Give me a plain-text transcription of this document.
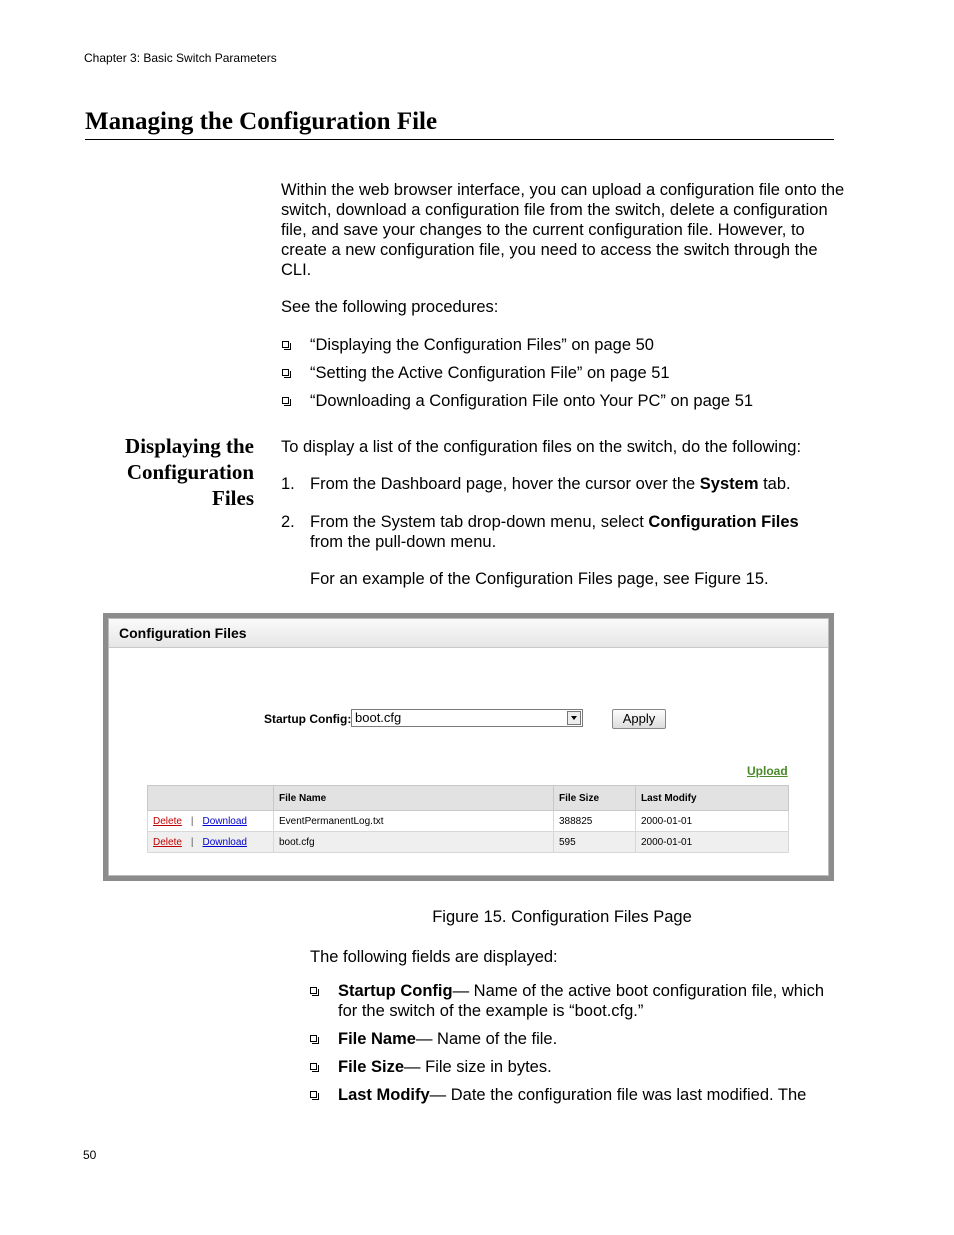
Chapter 3: Basic Switch Parameters
Managing the Configuration File
Within the web browser interface, you can upload a configuration file onto the switch, download a configuration file from the switch, delete a configuration file, and save your changes to the current configuration file. However, to create a new configuration file, you need to access the switch through the CLI.
See the following procedures:
“Displaying the Configuration Files” on page 50
“Setting the Active Configuration File” on page 51
“Downloading a Configuration File onto Your PC” on page 51
Displaying the
Configuration
Files
To display a list of the configuration files on the switch, do the following:
1. From the Dashboard page, hover the cursor over the System tab.
2. From the System tab drop-down menu, select Configuration Files
from the pull-down menu.
For an example of the Configuration Files page, see Figure 15.
Configuration Files
Startup Config: boot.cfg	Apply
Upload
	File Name	File Size	Last Modify
Delete | Download	EventPermanentLog.txt	388825	2000-01-01
Delete | Download	boot.cfg	595	2000-01-01
Figure 15. Configuration Files Page
The following fields are displayed:
Startup Config— Name of the active boot configuration file, which
for the switch of the example is “boot.cfg.”
File Name— Name of the file.
File Size— File size in bytes.
Last Modify— Date the configuration file was last modified. The
50
